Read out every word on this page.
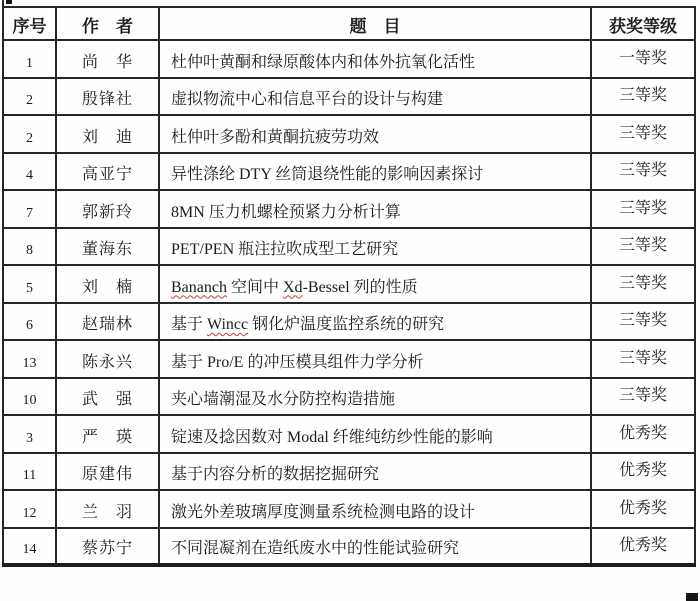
序号	作　者	题　目	获奖等级
1	尚　华	杜仲叶黄酮和绿原酸体内和体外抗氧化活性	一等奖
2	殷锋社	虚拟物流中心和信息平台的设计与构建	三等奖
2	刘　迪	杜仲叶多酚和黄酮抗疲劳功效	三等奖
4	高亚宁	异性涤纶 DTY 丝筒退绕性能的影响因素探讨	三等奖
7	郭新玲	8MN 压力机螺栓预紧力分析计算	三等奖
8	董海东	PET/PEN 瓶注拉吹成型工艺研究	三等奖
5	刘　楠	Bananch 空间中 Xd-Bessel 列的性质	三等奖
6	赵瑞林	基于 Wincc 钢化炉温度监控系统的研究	三等奖
13	陈永兴	基于 Pro/E 的冲压模具组件力学分析	三等奖
10	武　强	夹心墙潮湿及水分防控构造措施	三等奖
3	严　瑛	锭速及捻因数对 Modal 纤维纯纺纱性能的影响	优秀奖
11	原建伟	基于内容分析的数据挖掘研究	优秀奖
12	兰　羽	激光外差玻璃厚度测量系统检测电路的设计	优秀奖
14	蔡苏宁	不同混凝剂在造纸废水中的性能试验研究	优秀奖
